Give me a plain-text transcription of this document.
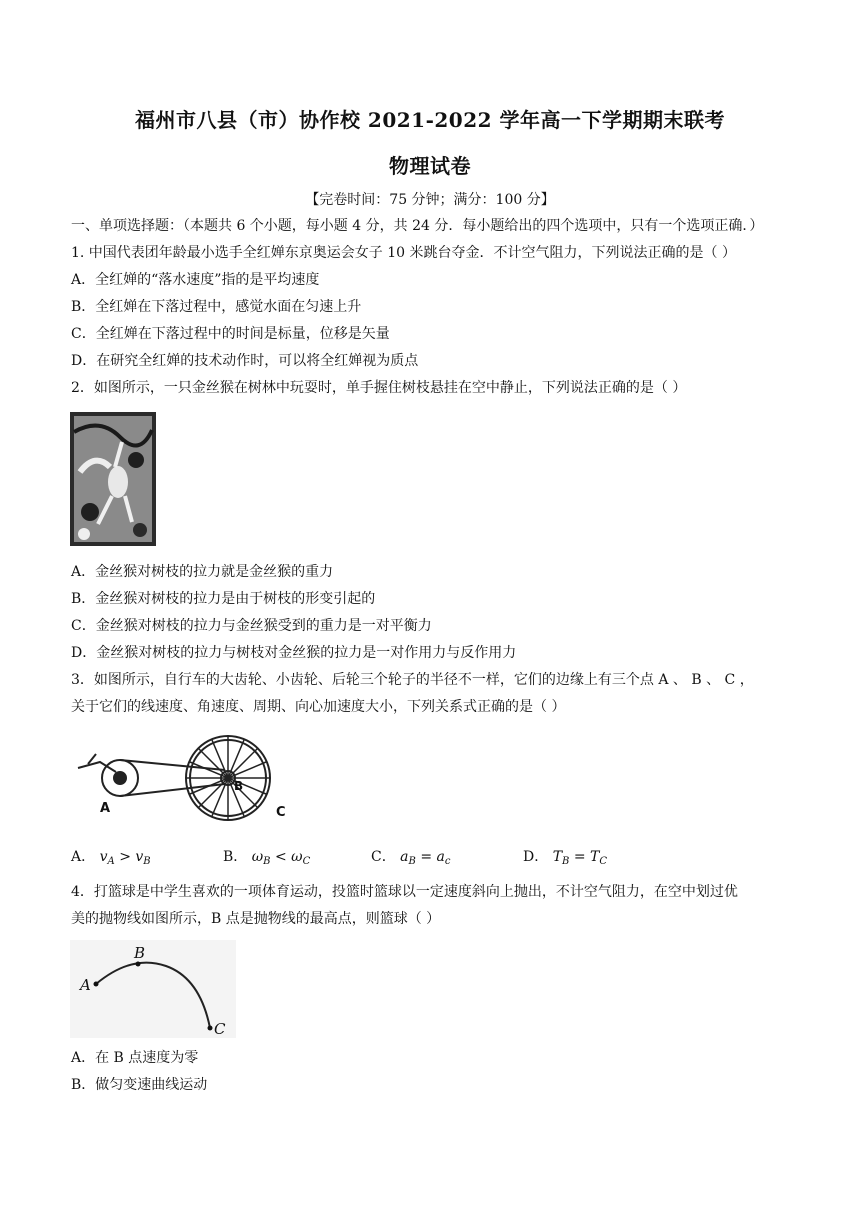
福州市八县（市）协作校 2021-2022 学年高一下学期期末联考
物理试卷
【完卷时间：75 分钟；满分：100 分】
一、单项选择题：（本题共 6 个小题，每小题 4 分，共 24 分．每小题给出的四个选项中，只有一个选项正确．）
1. 中国代表团年龄最小选手全红婵东京奥运会女子 10 米跳台夺金．不计空气阻力，下列说法正确的是（ ）
A．全红婵的“落水速度”指的是平均速度
B．全红婵在下落过程中，感觉水面在匀速上升
C．全红婵在下落过程中的时间是标量，位移是矢量
D．在研究全红婵的技术动作时，可以将全红婵视为质点
2．如图所示，一只金丝猴在树林中玩耍时，单手握住树枝悬挂在空中静止，下列说法正确的是（ ）
A．金丝猴对树枝的拉力就是金丝猴的重力
B．金丝猴对树枝的拉力是由于树枝的形变引起的
C．金丝猴对树枝的拉力与金丝猴受到的重力是一对平衡力
D．金丝猴对树枝的拉力与树枝对金丝猴的拉力是一对作用力与反作用力
3．如图所示，自行车的大齿轮、小齿轮、后轮三个轮子的半径不一样，它们的边缘上有三个点 A 、 B 、 C ，
关于它们的线速度、角速度、周期、向心加速度大小，下列关系式正确的是（ ）
A
B
C
A． $v_A > v_B$	B． $\omega_B < \omega_C$	C． $a_B = a_c$	D． $T_B = T_C$
4．打篮球是中学生喜欢的一项体育运动，投篮时篮球以一定速度斜向上抛出，不计空气阻力，在空中划过优
美的抛物线如图所示，B 点是抛物线的最高点，则篮球（ ）
A
B
C
A．在 B 点速度为零
B．做匀变速曲线运动
